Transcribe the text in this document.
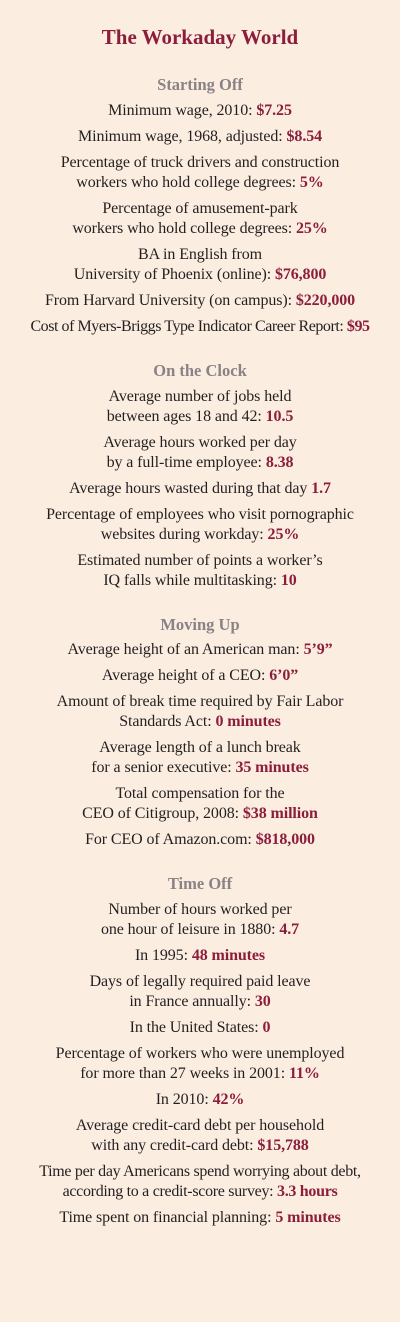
The Workaday World
Starting Off
Minimum wage, 2010: $7.25
Minimum wage, 1968, adjusted: $8.54
Percentage of truck drivers and construction
workers who hold college degrees: 5%
Percentage of amusement-park
workers who hold college degrees: 25%
BA in English from
University of Phoenix (online): $76,800
From Harvard University (on campus): $220,000
Cost of Myers-Briggs Type Indicator Career Report: $95
On the Clock
Average number of jobs held
between ages 18 and 42: 10.5
Average hours worked per day
by a full-time employee: 8.38
Average hours wasted during that day 1.7
Percentage of employees who visit pornographic
websites during workday: 25%
Estimated number of points a worker’s
IQ falls while multitasking: 10
Moving Up
Average height of an American man: 5’9”
Average height of a CEO: 6’0”
Amount of break time required by Fair Labor
Standards Act: 0 minutes
Average length of a lunch break
for a senior executive: 35 minutes
Total compensation for the
CEO of Citigroup, 2008: $38 million
For CEO of Amazon.com: $818,000
Time Off
Number of hours worked per
one hour of leisure in 1880: 4.7
In 1995: 48 minutes
Days of legally required paid leave
in France annually: 30
In the United States: 0
Percentage of workers who were unemployed
for more than 27 weeks in 2001: 11%
In 2010: 42%
Average credit-card debt per household
with any credit-card debt: $15,788
Time per day Americans spend worrying about debt,
according to a credit-score survey: 3.3 hours
Time spent on financial planning: 5 minutes
